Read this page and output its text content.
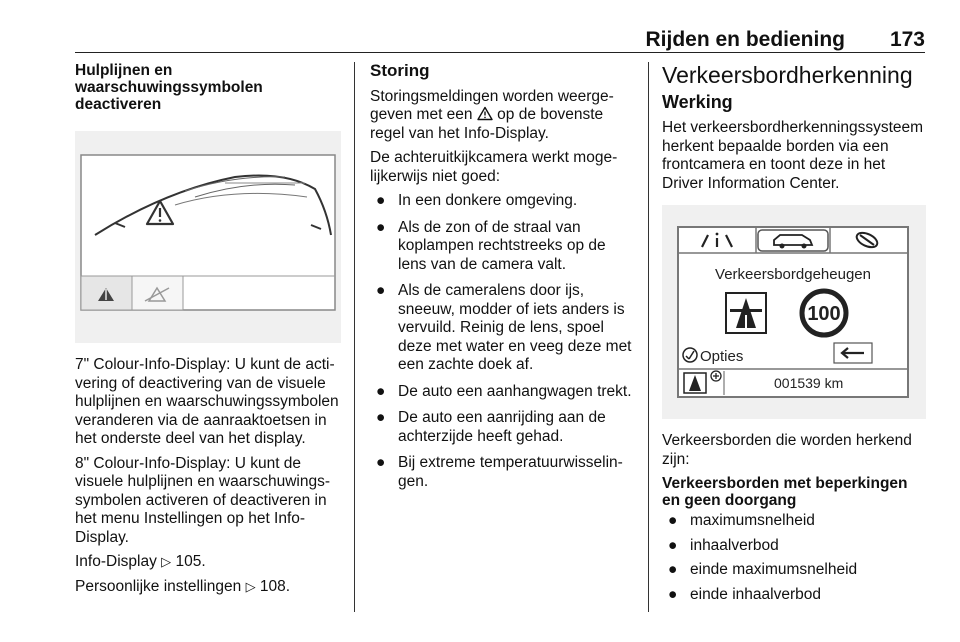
Rijden en bediening 173
Hulplijnen en
waarschuwingssymbolen
deactiveren

7" Colour-Info-Display: U kunt de activering of deactivering van de visuele hulplijnen en waarschuwingssymbolen veranderen via de aanraaktoetsen in het onderste deel van het display.

8" Colour-Info-Display: U kunt de visuele hulplijnen en waarschuwingssymbolen activeren of deactiveren in het menu Instellingen op het Info-Display.

Info-Display ▷ 105.

Persoonlijke instellingen ▷ 108.

Storing

Storingsmeldingen worden weergegeven met een op de bovenste regel van het Info-Display.

De achteruitkijkcamera werkt mogelijkerwijs niet goed:

● In een donkere omgeving.
● Als de zon of de straal van koplampen rechtstreeks op de lens van de camera valt.
● Als de cameralens door ijs, sneeuw, modder of iets anders is vervuild. Reinig de lens, spoel deze met water en veeg deze met een zachte doek af.
● De auto een aanhangwagen trekt.
● De auto een aanrijding aan de achterzijde heeft gehad.
● Bij extreme temperatuurwisselingen.
Verkeersbordherkenning
Werking

Het verkeersbordherkenningssysteem herkent bepaalde borden via een frontcamera en toont deze in het Driver Information Center.

Verkeersbordgeheugen
100
Opties
001539 km

Verkeersborden die worden herkend zijn:

Verkeersborden met beperkingen en geen doorgang
● maximumsnelheid
● inhaalverbod
● einde maximumsnelheid
● einde inhaalverbod
